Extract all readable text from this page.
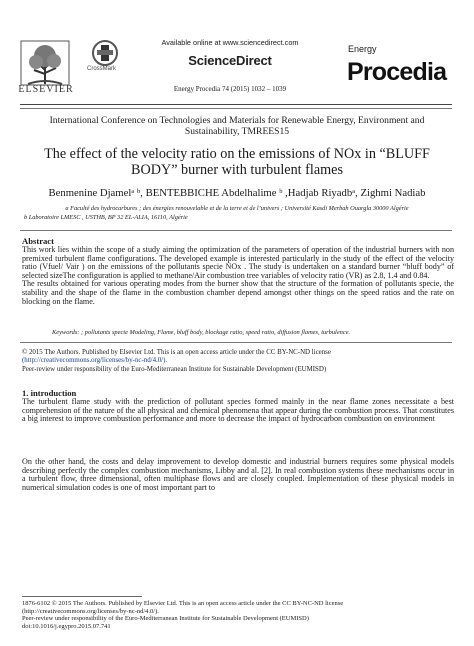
ELSEVIER
CrossMark
Available online at www.sciencedirect.com
ScienceDirect
Energy Procedia 74 (2015) 1032 – 1039
Energy
Procedia
International Conference on Technologies and Materials for Renewable Energy, Environment and Sustainability, TMREES15
The effect of the velocity ratio on the emissions of NOx in “BLUFF BODY” burner with turbulent flames
Benmenine Djamelᵃ ᵇ, BENTEBBICHE Abdelhalime ᵇ ,Hadjab Riyadbᵃ, Zighmi Nadiab
a Faculté des hydrocarbures ; des énergies renouvelable et de la terre et de l’univers ; Université Kasdi Merbah Ouargla 30000 Algérie
b Laboratoire LMESC , USTHB, BP 32 EL-ALIA, 16110, Algérie
Abstract
This work lies within the scope of a study aiming the optimization of the parameters of operation of the industrial burners with non premixed turbulent flame configurations. The developed example is interested particularly in the study of the effect of the velocity ratio (Vfuel/ Vair ) on the emissions of the pollutants specie NOx . The study is undertaken on a standard burner “bluff body” of selected sizeThe configuration is applied to methane/Air combustion tree variables of velocity ratio (VR) as 2.8, 1.4 and 0.84.
The results obtained for various operating modes from the burner show that the structure of the formation of pollutants specie, the stability and the shape of the flame in the combustion chamber depend amongst other things on the speed ratios and the rate on blocking on the flame.
Keywords: ; pollutants specie Modeling, Flame, bluff body, blockage ratio, speed ratio, diffusion flames, turbulence.
© 2015 The Authors. Published by Elsevier Ltd. This is an open access article under the CC BY-NC-ND license
(http://creativecommons.org/licenses/by-nc-nd/4.0/).
Peer-review under responsibility of the Euro-Mediterranean Institute for Sustainable Development (EUMISD)
1. introduction
The turbulent flame study with the prediction of pollutant species formed mainly in the near flame zones necessitate a best comprehension of the nature of the all physical and chemical phenomena that appear during the combustion process. That constitutes a big interest to improve combustion performance and more to decrease the impact of hydrocarbon combustion on environment
On the other hand, the costs and delay improvement to develop domestic and industrial burners requires some physical models describing perfectly the complex combustion mechanisms, Libby and al. [2]. In real combustion systems these mechanisms occur in a turbulent flow, three dimensional, often multiphase flows and are closely coupled. Implementation of these physical models in numerical simulation codes is one of most important part to
1876-6102 © 2015 The Authors. Published by Elsevier Ltd. This is an open access article under the CC BY-NC-ND license
(http://creativecommons.org/licenses/by-nc-nd/4.0/).
Peer-review under responsibility of the Euro-Mediterranean Institute for Sustainable Development (EUMISD)
doi:10.1016/j.egypro.2015.07.741
